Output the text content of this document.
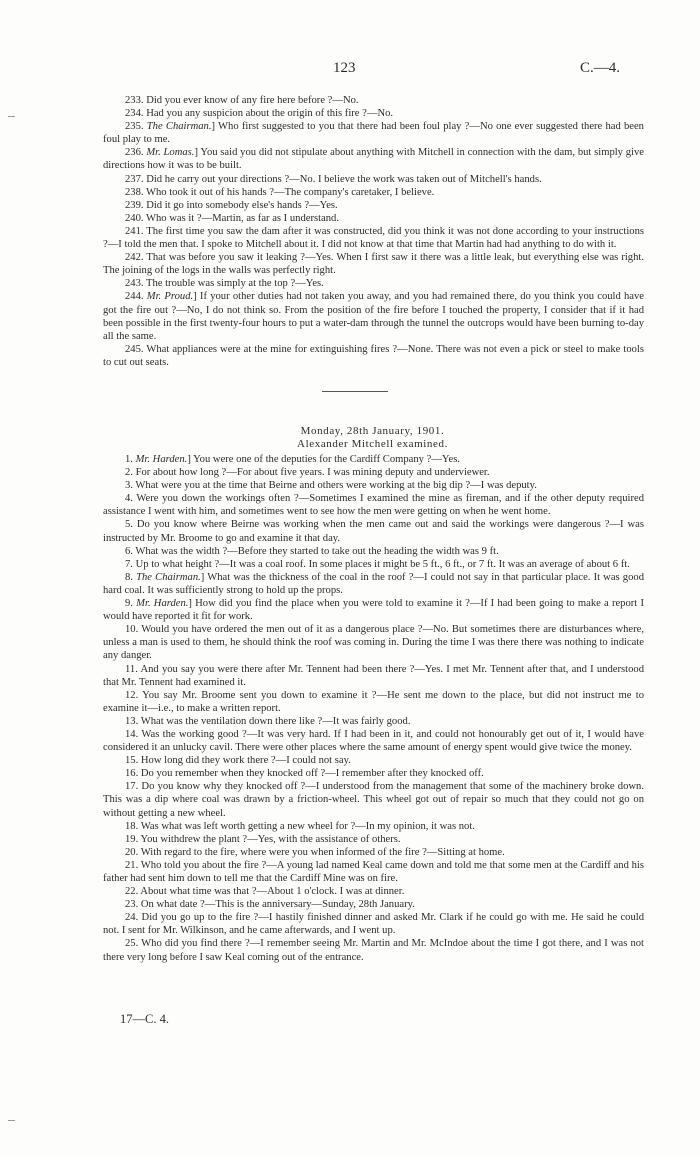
123	C.—4.

233. Did you ever know of any fire here before ?—No.

234. Had you any suspicion about the origin of this fire ?—No.

235. The Chairman.] Who first suggested to you that there had been foul play ?—No one ever suggested there had been foul play to me.

236. Mr. Lomas.] You said you did not stipulate about anything with Mitchell in connection with the dam, but simply give directions how it was to be built.

237. Did he carry out your directions ?—No. I believe the work was taken out of Mitchell's hands.

238. Who took it out of his hands ?—The company's caretaker, I believe.

239. Did it go into somebody else's hands ?—Yes.

240. Who was it ?—Martin, as far as I understand.

241. The first time you saw the dam after it was constructed, did you think it was not done according to your instructions ?—I told the men that. I spoke to Mitchell about it. I did not know at that time that Martin had had anything to do with it.

242. That was before you saw it leaking ?—Yes. When I first saw it there was a little leak, but everything else was right. The joining of the logs in the walls was perfectly right.

243. The trouble was simply at the top ?—Yes.

244. Mr. Proud.] If your other duties had not taken you away, and you had remained there, do you think you could have got the fire out ?—No, I do not think so. From the position of the fire before I touched the property, I consider that if it had been possible in the first twenty-four hours to put a water-dam through the tunnel the outcrops would have been burning to-day all the same.

245. What appliances were at the mine for extinguishing fires ?—None. There was not even a pick or steel to make tools to cut out seats.

Monday, 28th January, 1901.
Alexander Mitchell examined.

1. Mr. Harden.] You were one of the deputies for the Cardiff Company ?—Yes.

2. For about how long ?—For about five years. I was mining deputy and underviewer.

3. What were you at the time that Beirne and others were working at the big dip ?—I was deputy.

4. Were you down the workings often ?—Sometimes I examined the mine as fireman, and if the other deputy required assistance I went with him, and sometimes went to see how the men were getting on when he went home.

5. Do you know where Beirne was working when the men came out and said the workings were dangerous ?—I was instructed by Mr. Broome to go and examine it that day.

6. What was the width ?—Before they started to take out the heading the width was 9 ft.

7. Up to what height ?—It was a coal roof. In some places it might be 5 ft., 6 ft., or 7 ft. It was an average of about 6 ft.

8. The Chairman.] What was the thickness of the coal in the roof ?—I could not say in that particular place. It was good hard coal. It was sufficiently strong to hold up the props.

9. Mr. Harden.] How did you find the place when you were told to examine it ?—If I had been going to make a report I would have reported it fit for work.

10. Would you have ordered the men out of it as a dangerous place ?—No. But sometimes there are disturbances where, unless a man is used to them, he should think the roof was coming in. During the time I was there there was nothing to indicate any danger.

11. And you say you were there after Mr. Tennent had been there ?—Yes. I met Mr. Tennent after that, and I understood that Mr. Tennent had examined it.

12. You say Mr. Broome sent you down to examine it ?—He sent me down to the place, but did not instruct me to examine it—i.e., to make a written report.

13. What was the ventilation down there like ?—It was fairly good.

14. Was the working good ?—It was very hard. If I had been in it, and could not honourably get out of it, I would have considered it an unlucky cavil. There were other places where the same amount of energy spent would give twice the money.

15. How long did they work there ?—I could not say.

16. Do you remember when they knocked off ?—I remember after they knocked off.

17. Do you know why they knocked off ?—I understood from the management that some of the machinery broke down. This was a dip where coal was drawn by a friction-wheel. This wheel got out of repair so much that they could not go on without getting a new wheel.

18. Was what was left worth getting a new wheel for ?—In my opinion, it was not.

19. You withdrew the plant ?—Yes, with the assistance of others.

20. With regard to the fire, where were you when informed of the fire ?—Sitting at home.

21. Who told you about the fire ?—A young lad named Keal came down and told me that some men at the Cardiff and his father had sent him down to tell me that the Cardiff Mine was on fire.

22. About what time was that ?—About 1 o'clock. I was at dinner.

23. On what date ?—This is the anniversary—Sunday, 28th January.

24. Did you go up to the fire ?—I hastily finished dinner and asked Mr. Clark if he could go with me. He said he could not. I sent for Mr. Wilkinson, and he came afterwards, and I went up.

25. Who did you find there ?—I remember seeing Mr. Martin and Mr. McIndoe about the time I got there, and I was not there very long before I saw Keal coming out of the entrance.

17—C. 4.
